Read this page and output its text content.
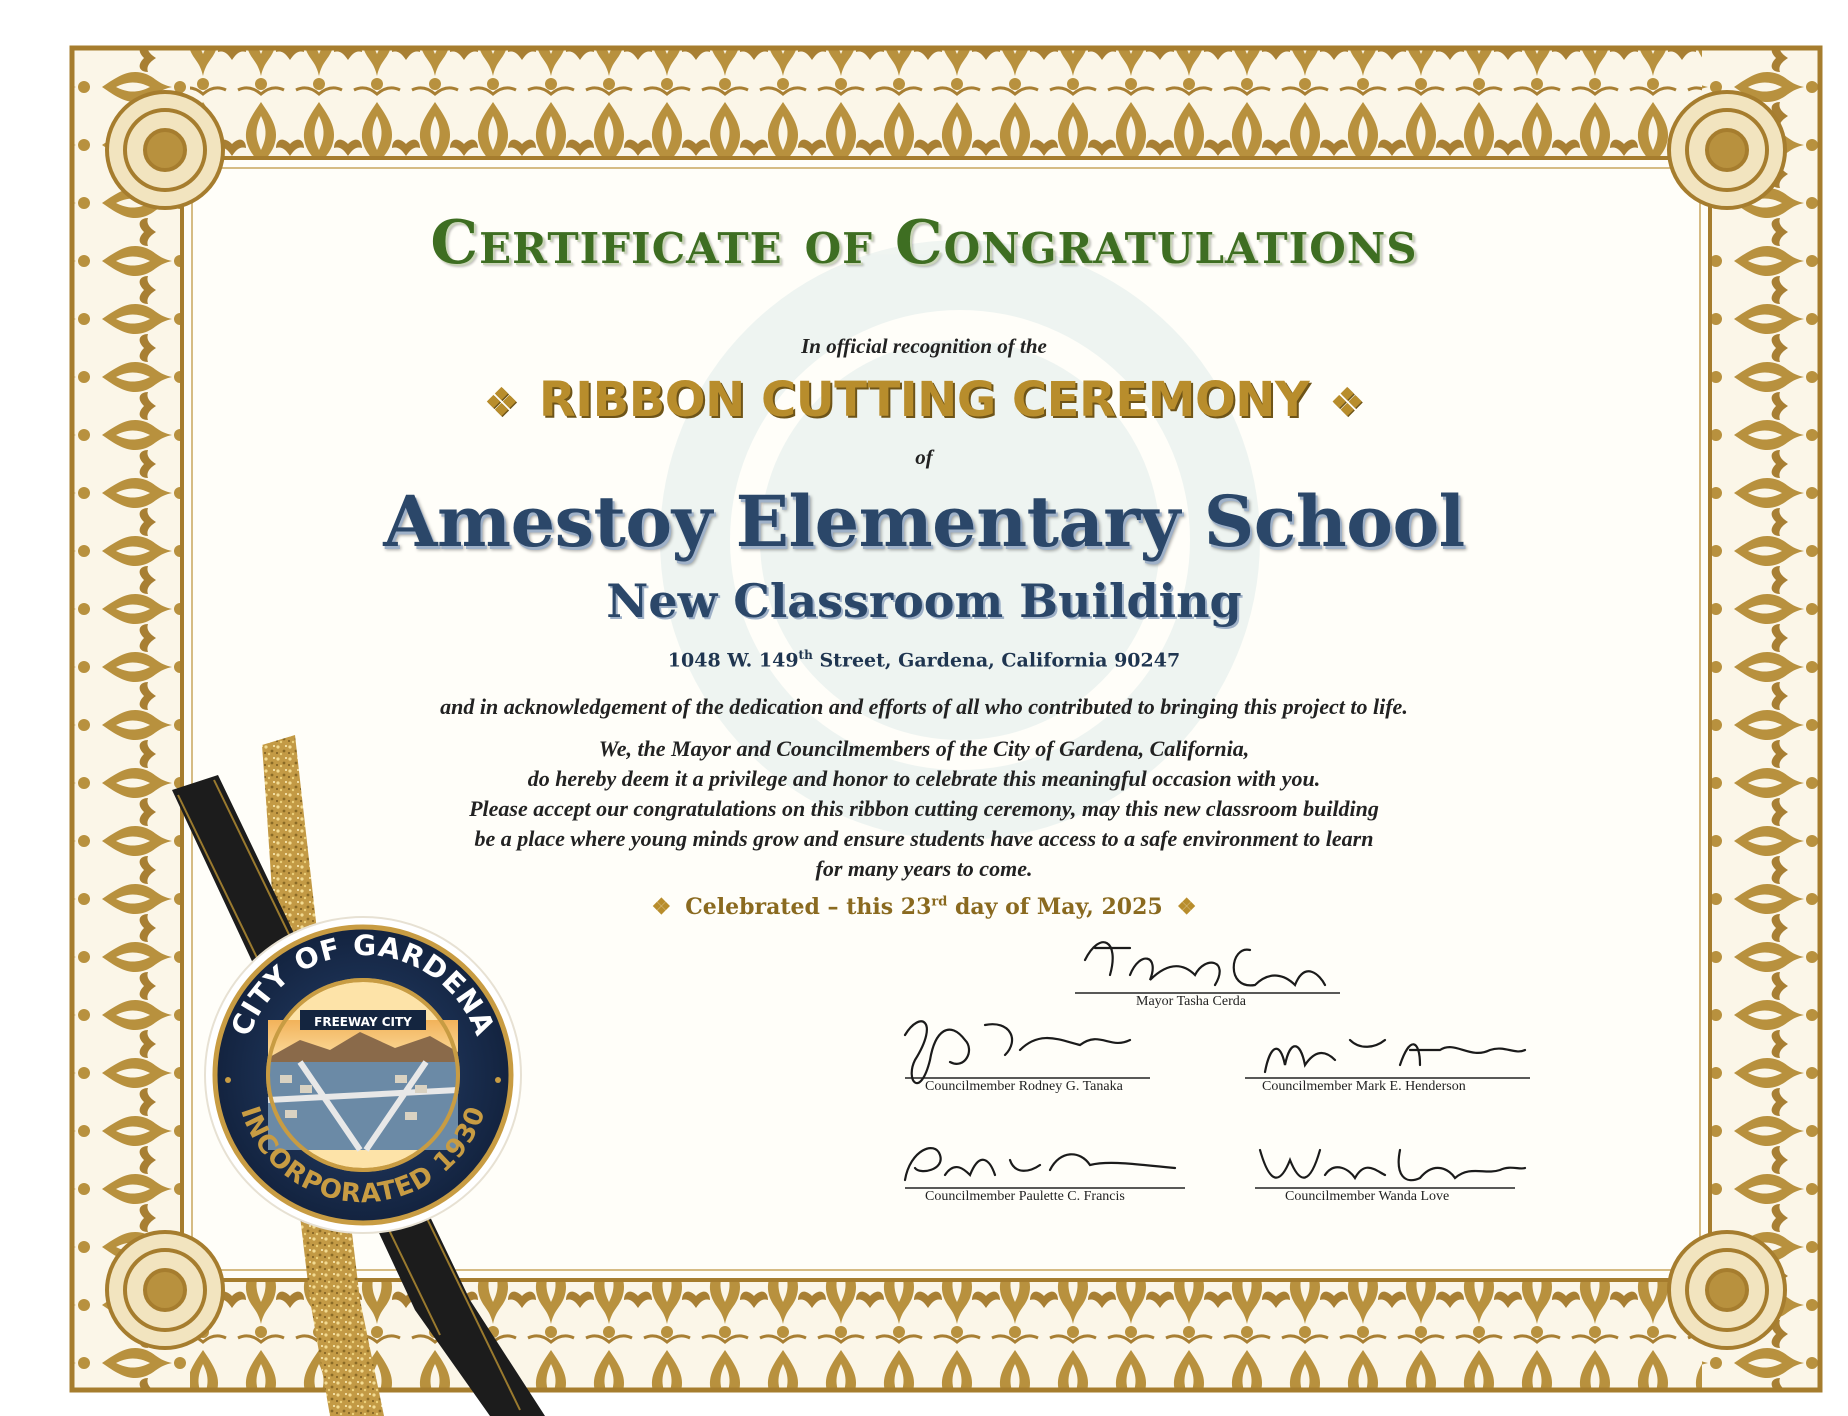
CITY OF GARDENA
FREEWAY CITY
INCORPORATED 1930
Certificate of Congratulations
In official recognition of the
❖ RIBBON CUTTING CEREMONY ❖
of
Amestoy Elementary School
New Classroom Building
1048 W. 149th Street, Gardena, California 90247
and in acknowledgement of the dedication and efforts of all who contributed to bringing this project to life.
We, the Mayor and Councilmembers of the City of Gardena, California,
do hereby deem it a privilege and honor to celebrate this meaningful occasion with you.
Please accept our congratulations on this ribbon cutting ceremony, may this new classroom building
be a place where young minds grow and ensure students have access to a safe environment to learn
for many years to come.
❖ Celebrated – this 23rd day of May, 2025 ❖
Mayor Tasha Cerda
Councilmember Rodney G. Tanaka	Councilmember Mark E. Henderson
Councilmember Paulette C. Francis	Councilmember Wanda Love
